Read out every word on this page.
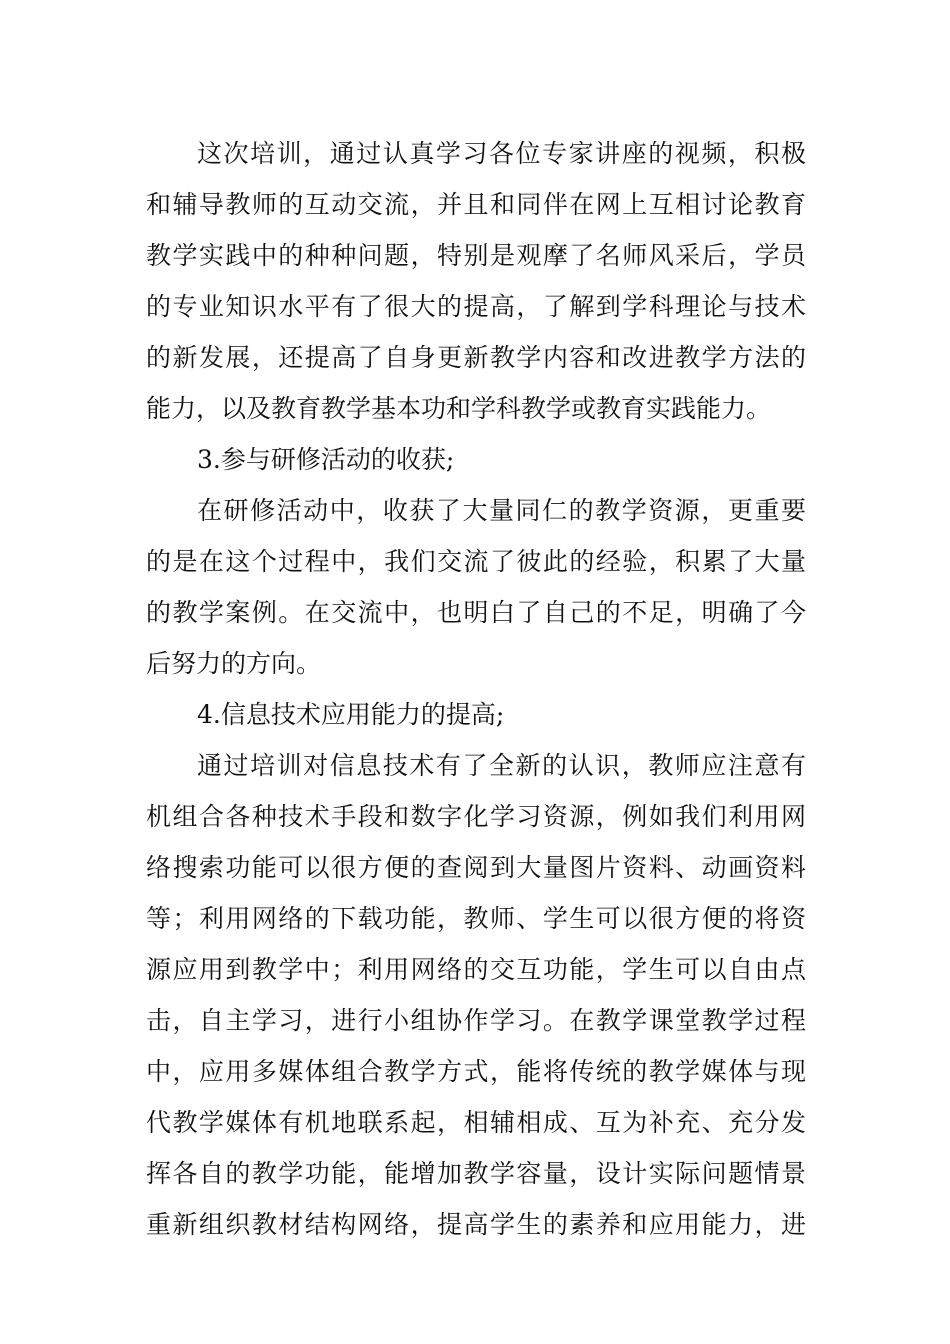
这次培训，通过认真学习各位专家讲座的视频，积极
和辅导教师的互动交流，并且和同伴在网上互相讨论教育
教学实践中的种种问题，特别是观摩了名师风采后，学员
的专业知识水平有了很大的提高，了解到学科理论与技术
的新发展，还提高了自身更新教学内容和改进教学方法的
能力，以及教育教学基本功和学科教学或教育实践能力。
3.参与研修活动的收获;
在研修活动中，收获了大量同仁的教学资源，更重要
的是在这个过程中，我们交流了彼此的经验，积累了大量
的教学案例。在交流中，也明白了自己的不足，明确了今
后努力的方向。
4.信息技术应用能力的提高;
通过培训对信息技术有了全新的认识，教师应注意有
机组合各种技术手段和数字化学习资源，例如我们利用网
络搜索功能可以很方便的查阅到大量图片资料、动画资料
等；利用网络的下载功能，教师、学生可以很方便的将资
源应用到教学中；利用网络的交互功能，学生可以自由点
击，自主学习，进行小组协作学习。在教学课堂教学过程
中，应用多媒体组合教学方式，能将传统的教学媒体与现
代教学媒体有机地联系起，相辅相成、互为补充、充分发
挥各自的教学功能，能增加教学容量，设计实际问题情景
重新组织教材结构网络，提高学生的素养和应用能力，进
